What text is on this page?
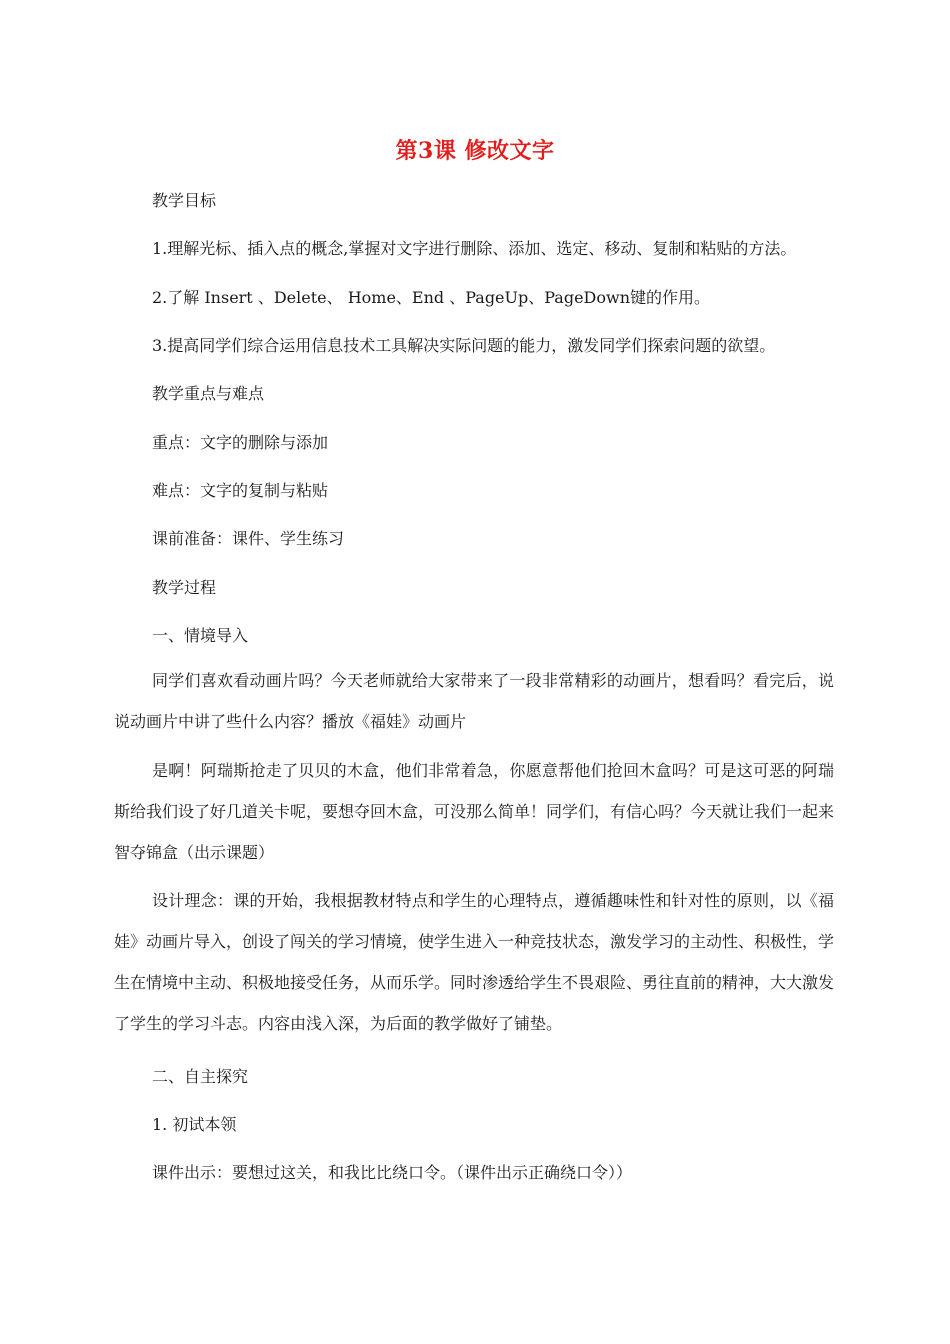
第3课 修改文字
教学目标
1.理解光标、插入点的概念,掌握对文字进行删除、添加、选定、移动、复制和粘贴的方法。
2.了解 Insert 、Delete、 Home、End 、PageUp、PageDown键的作用。
3.提高同学们综合运用信息技术工具解决实际问题的能力，激发同学们探索问题的欲望。
教学重点与难点
重点：文字的删除与添加
难点：文字的复制与粘贴
课前准备：课件、学生练习
教学过程
一、情境导入
同学们喜欢看动画片吗？今天老师就给大家带来了一段非常精彩的动画片，想看吗？看完后，说说动画片中讲了些什么内容？播放《福娃》动画片
是啊！阿瑞斯抢走了贝贝的木盒，他们非常着急，你愿意帮他们抢回木盒吗？可是这可恶的阿瑞斯给我们设了好几道关卡呢，要想夺回木盒，可没那么简单！同学们，有信心吗？今天就让我们一起来智夺锦盒（出示课题）
设计理念：课的开始，我根据教材特点和学生的心理特点，遵循趣味性和针对性的原则，以《福娃》动画片导入，创设了闯关的学习情境，使学生进入一种竞技状态，激发学习的主动性、积极性，学生在情境中主动、积极地接受任务，从而乐学。同时渗透给学生不畏艰险、勇往直前的精神，大大激发了学生的学习斗志。内容由浅入深，为后面的教学做好了铺垫。
二、自主探究
1. 初试本领
课件出示：要想过这关，和我比比绕口令。（课件出示正确绕口令））
